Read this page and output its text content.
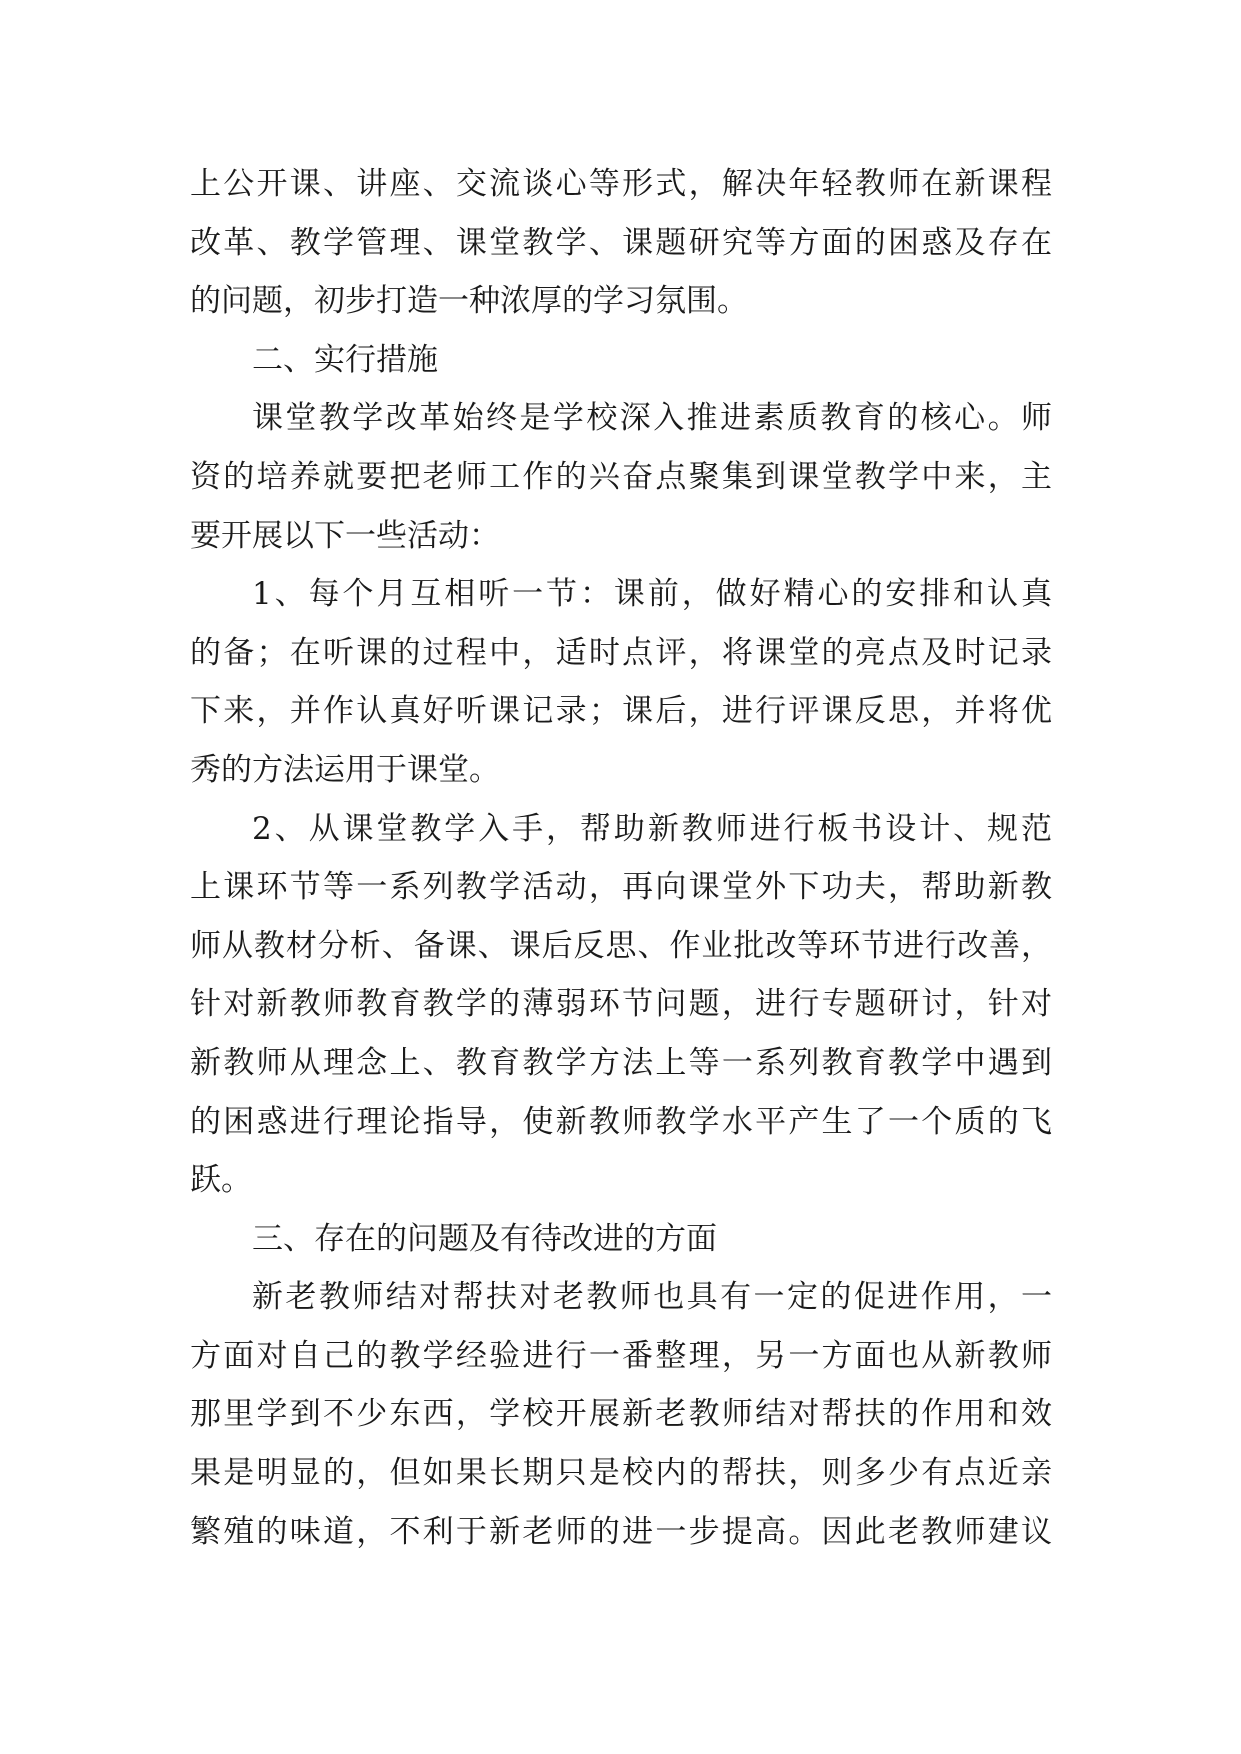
上公开课、讲座、交流谈心等形式，解决年轻教师在新课程
改革、教学管理、课堂教学、课题研究等方面的困惑及存在
的问题，初步打造一种浓厚的学习氛围。
二、实行措施
课堂教学改革始终是学校深入推进素质教育的核心。师
资的培养就要把老师工作的兴奋点聚集到课堂教学中来，主
要开展以下一些活动：
1、每个月互相听一节：课前，做好精心的安排和认真
的备；在听课的过程中，适时点评，将课堂的亮点及时记录
下来，并作认真好听课记录；课后，进行评课反思，并将优
秀的方法运用于课堂。
2、从课堂教学入手，帮助新教师进行板书设计、规范
上课环节等一系列教学活动，再向课堂外下功夫，帮助新教
师从教材分析、备课、课后反思、作业批改等环节进行改善，
针对新教师教育教学的薄弱环节问题，进行专题研讨，针对
新教师从理念上、教育教学方法上等一系列教育教学中遇到
的困惑进行理论指导，使新教师教学水平产生了一个质的飞
跃。
三、存在的问题及有待改进的方面
新老教师结对帮扶对老教师也具有一定的促进作用，一
方面对自己的教学经验进行一番整理，另一方面也从新教师
那里学到不少东西，学校开展新老教师结对帮扶的作用和效
果是明显的，但如果长期只是校内的帮扶，则多少有点近亲
繁殖的味道，不利于新老师的进一步提高。因此老教师建议
